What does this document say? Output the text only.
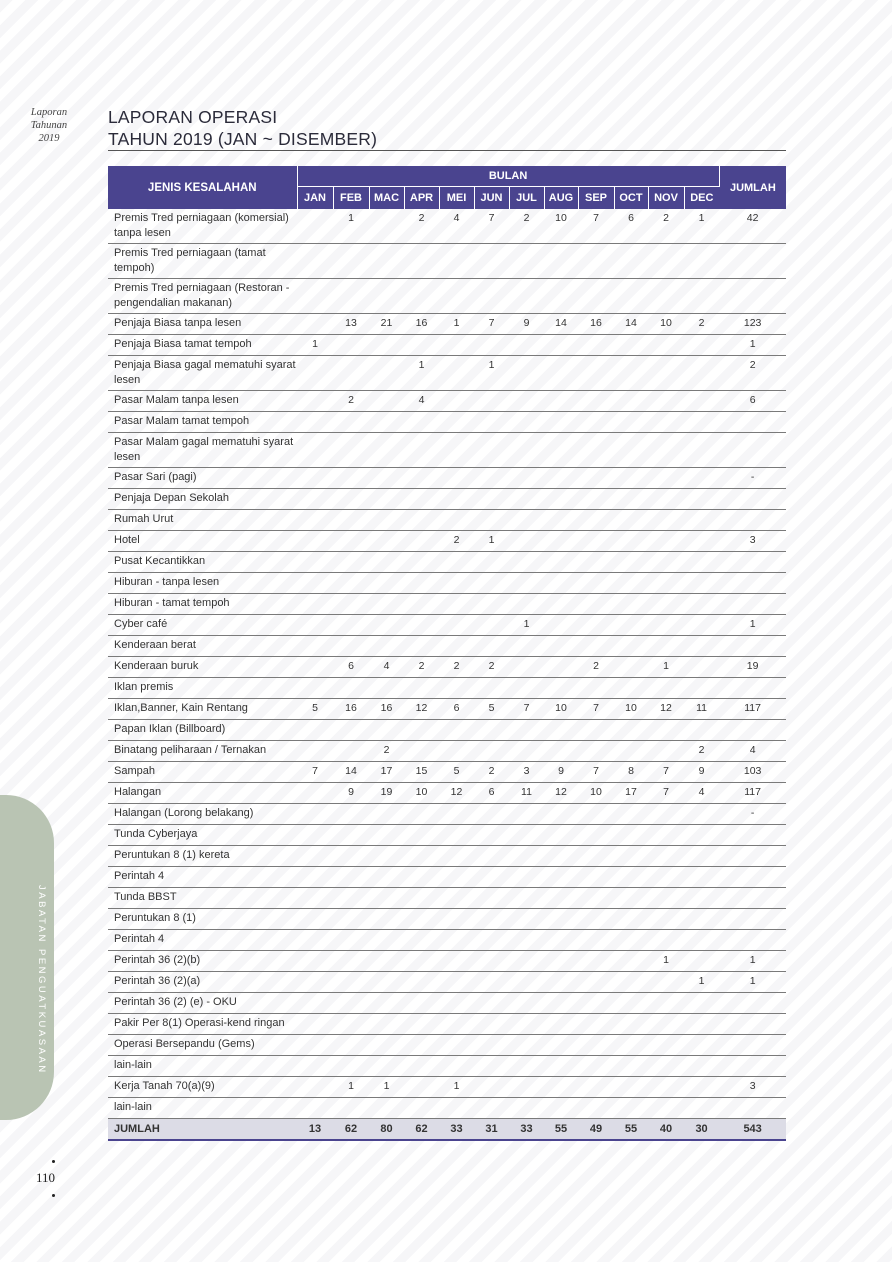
Laporan
Tahunan
2019
LAPORAN OPERASI
TAHUN 2019 (JAN ~ DISEMBER)
JABATAN PENGUATKUASAAN
110
JENIS KESALAHAN	BULAN												JUMLAH
	JAN	FEB	MAC	APR	MEI	JUN	JUL	AUG	SEP	OCT	NOV	DEC	
Premis Tred perniagaan (komersial) tanpa lesen		1		2	4	7	2	10	7	6	2	1	42
Premis Tred perniagaan (tamat tempoh)													
Premis Tred perniagaan (Restoran - pengendalian makanan)													
Penjaja Biasa tanpa lesen		13	21	16	1	7	9	14	16	14	10	2	123
Penjaja Biasa tamat tempoh	1												1
Penjaja Biasa gagal mematuhi syarat lesen				1		1							2
Pasar Malam tanpa lesen		2		4									6
Pasar Malam tamat tempoh													
Pasar Malam gagal mematuhi syarat lesen													
Pasar Sari (pagi)													-
Penjaja Depan Sekolah													
Rumah Urut													
Hotel					2	1							3
Pusat Kecantikkan													
Hiburan - tanpa lesen													
Hiburan - tamat tempoh													
Cyber café							1						1
Kenderaan berat													
Kenderaan buruk		6	4	2	2	2			2		1		19
Iklan premis													
Iklan,Banner, Kain Rentang	5	16	16	12	6	5	7	10	7	10	12	11	117
Papan Iklan (Billboard)													
Binatang peliharaan / Ternakan			2									2	4
Sampah	7	14	17	15	5	2	3	9	7	8	7	9	103
Halangan		9	19	10	12	6	11	12	10	17	7	4	117
Halangan (Lorong belakang)													-
Tunda Cyberjaya													
Peruntukan 8 (1) kereta													
Perintah 4													
Tunda BBST													
Peruntukan 8 (1)													
Perintah 4													
Perintah 36 (2)(b)											1		1
Perintah 36 (2)(a)												1	1
Perintah 36 (2) (e) - OKU													
Pakir Per 8(1) Operasi-kend ringan													
Operasi Bersepandu (Gems)													
lain-lain													
Kerja Tanah 70(a)(9)		1	1		1								3
lain-lain													
JUMLAH	13	62	80	62	33	31	33	55	49	55	40	30	543
